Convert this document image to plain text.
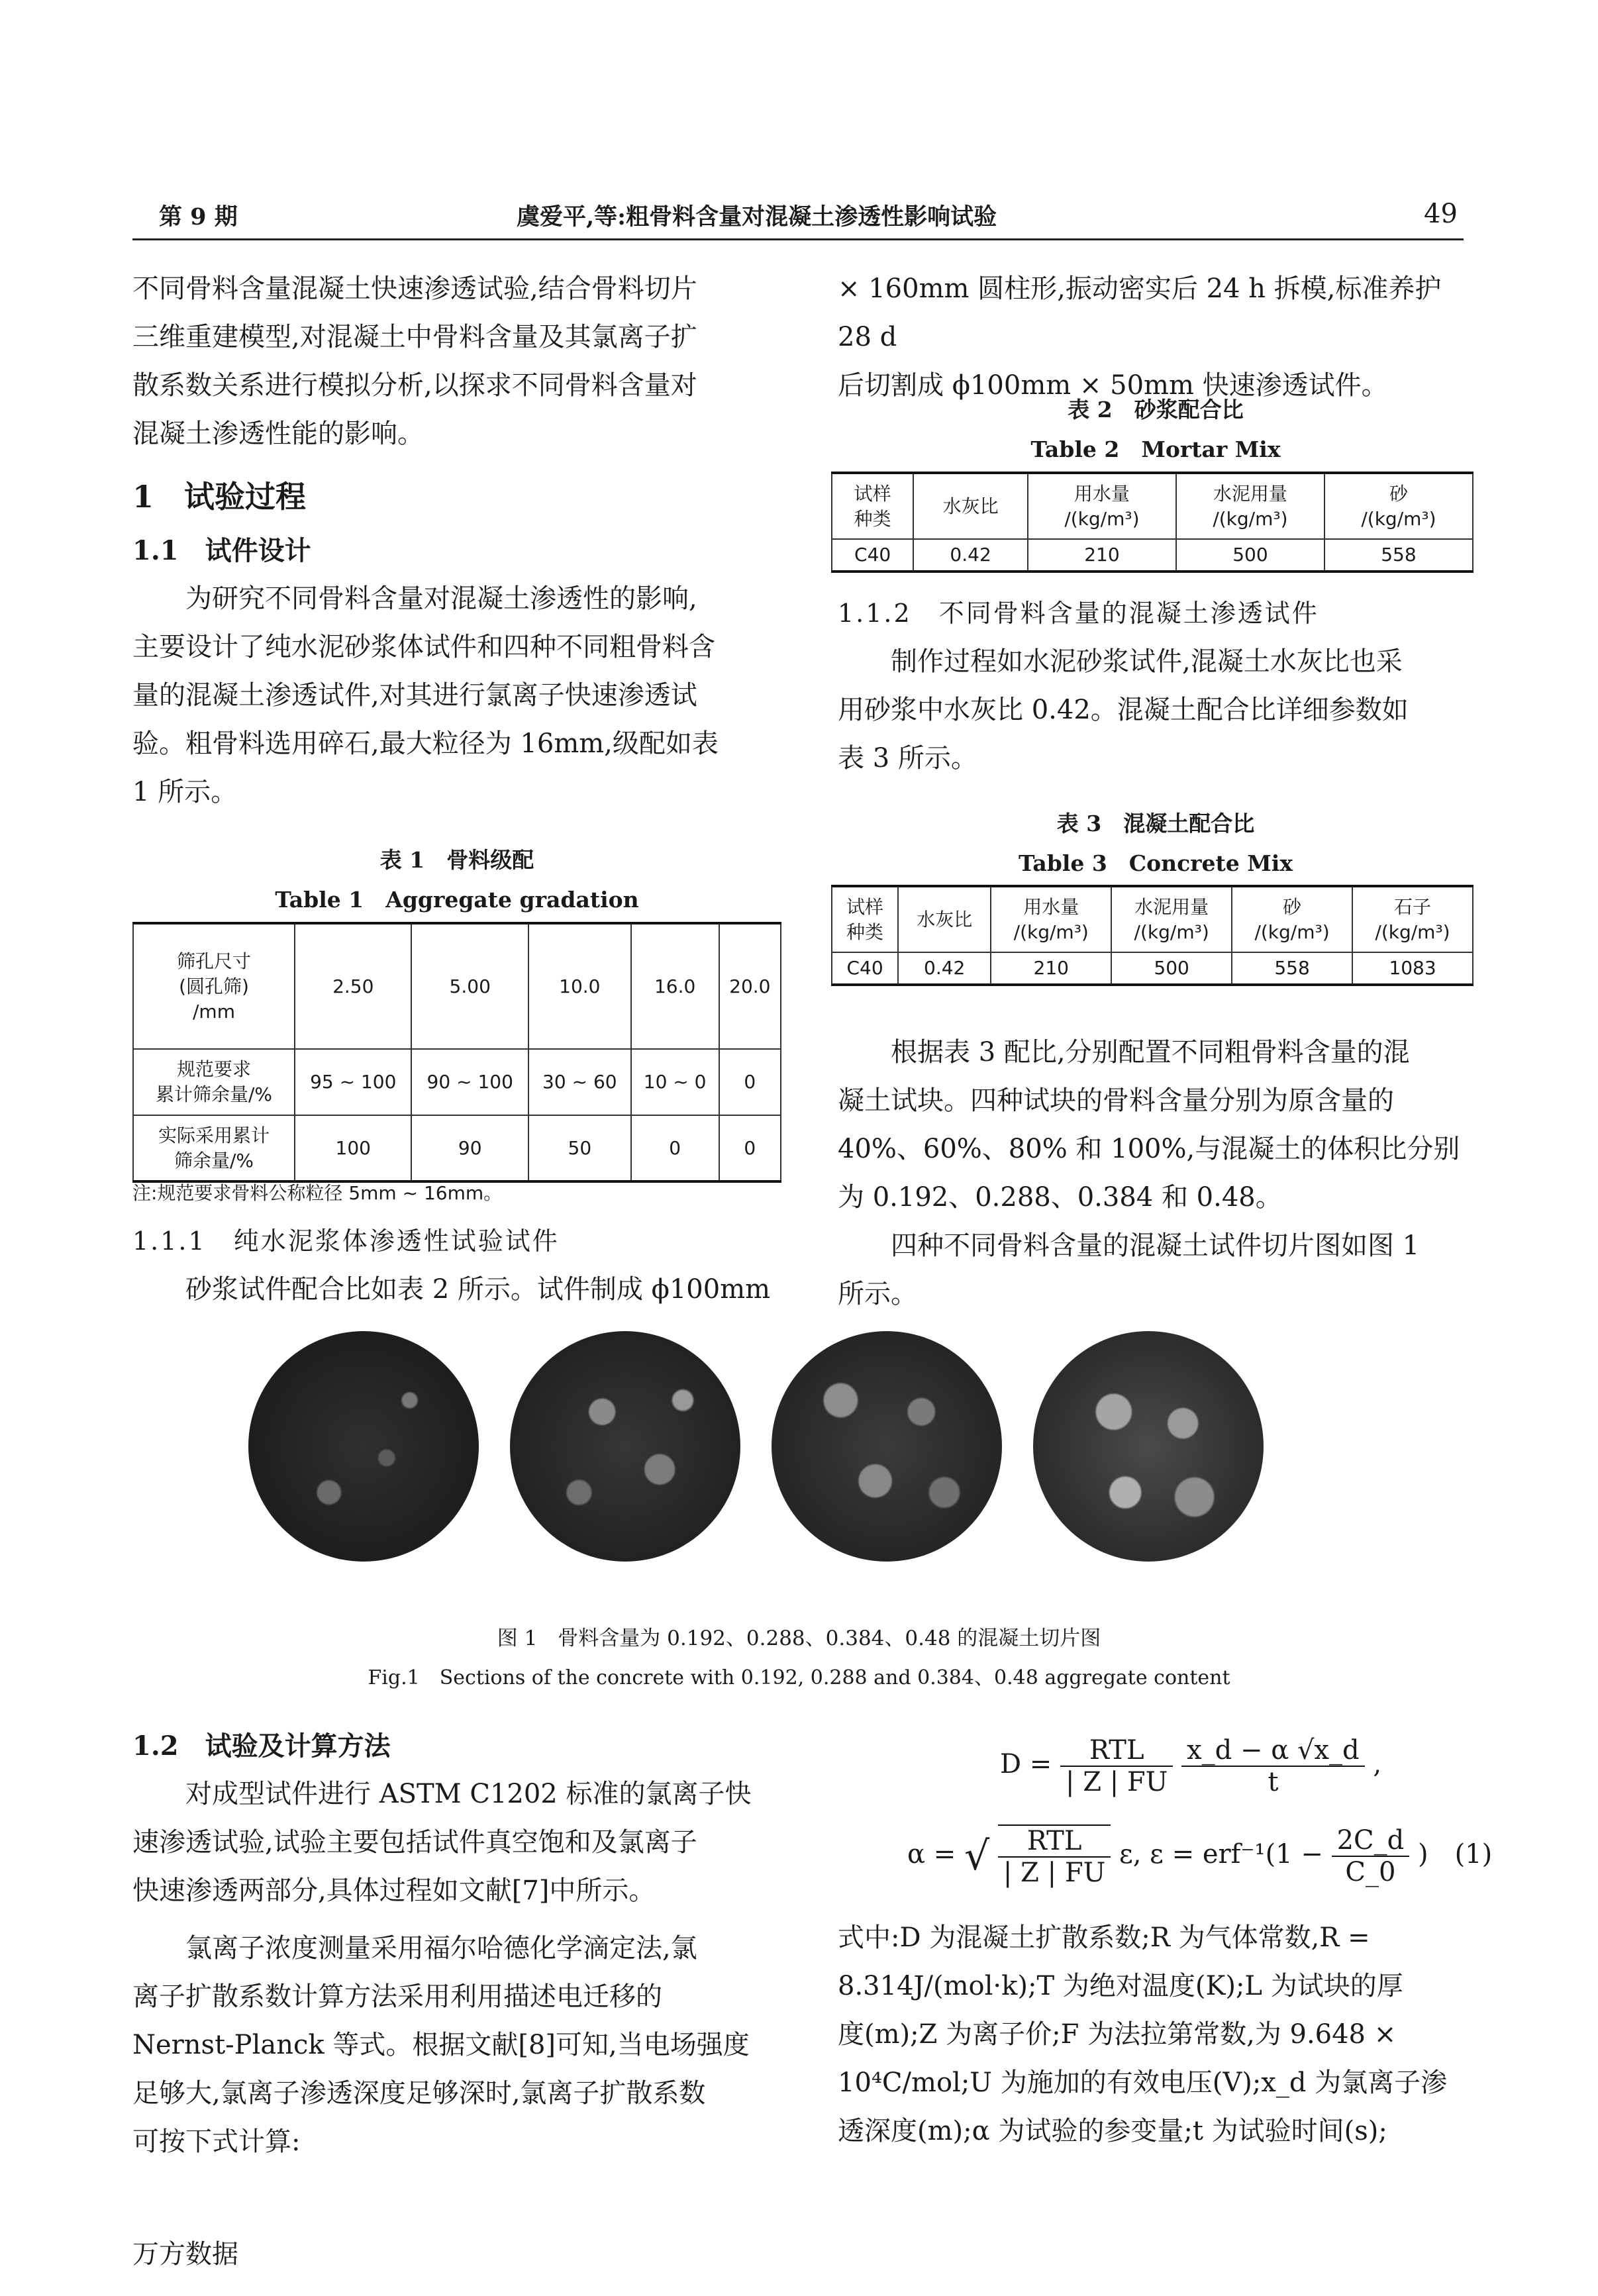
第 9 期	虞爱平,等:粗骨料含量对混凝土渗透性影响试验	49

不同骨料含量混凝土快速渗透试验,结合骨料切片

三维重建模型,对混凝土中骨料含量及其氯离子扩

散系数关系进行模拟分析,以探求不同骨料含量对

混凝土渗透性能的影响。

1　试验过程

1.1　试件设计

为研究不同骨料含量对混凝土渗透性的影响,

主要设计了纯水泥砂浆体试件和四种不同粗骨料含

量的混凝土渗透试件,对其进行氯离子快速渗透试

验。粗骨料选用碎石,最大粒径为 16mm,级配如表

1 所示。

表 1　骨料级配
Table 1　Aggregate gradation
筛孔尺寸
(圆孔筛)
/mm	2.50	5.00	10.0	16.0	20.0
规范要求
累计筛余量/%	95 ~ 100	90 ~ 100	30 ~ 60	10 ~ 0	0
实际采用累计
筛余量/%	100	90	50	0	0
注:规范要求骨料公称粒径 5mm ~ 16mm。

1.1.1　纯水泥浆体渗透性试验试件

砂浆试件配合比如表 2 所示。试件制成 ϕ100mm

× 160mm 圆柱形,振动密实后 24 h 拆模,标准养护 28 d

后切割成 ϕ100mm × 50mm 快速渗透试件。

表 2　砂浆配合比
Table 2　Mortar Mix
试样
种类	水灰比	用水量
/(kg/m³)	水泥用量
/(kg/m³)	砂
/(kg/m³)
C40	0.42	210	500	558

1.1.2　不同骨料含量的混凝土渗透试件

制作过程如水泥砂浆试件,混凝土水灰比也采

用砂浆中水灰比 0.42。混凝土配合比详细参数如

表 3 所示。

表 3　混凝土配合比
Table 3　Concrete Mix
试样
种类	水灰比	用水量
/(kg/m³)	水泥用量
/(kg/m³)	砂
/(kg/m³)	石子
/(kg/m³)
C40	0.42	210	500	558	1083

根据表 3 配比,分别配置不同粗骨料含量的混

凝土试块。四种试块的骨料含量分别为原含量的

40%、60%、80% 和 100%,与混凝土的体积比分别

为 0.192、0.288、0.384 和 0.48。

四种不同骨料含量的混凝土试件切片图如图 1

所示。

图 1　骨料含量为 0.192、0.288、0.384、0.48 的混凝土切片图
Fig.1　Sections of the concrete with 0.192, 0.288 and 0.384、0.48 aggregate content

1.2　试验及计算方法

对成型试件进行 ASTM C1202 标准的氯离子快

速渗透试验,试验主要包括试件真空饱和及氯离子

快速渗透两部分,具体过程如文献[7]中所示。

氯离子浓度测量采用福尔哈德化学滴定法,氯

离子扩散系数计算方法采用利用描述电迁移的

Nernst-Planck 等式。根据文献[8]可知,当电场强度

足够大,氯离子渗透深度足够深时,氯离子扩散系数

可按下式计算:

$D = \frac{\text{RTL}}{| Z | FU}$
$\frac{x\_d - \alpha √x\_d}{t}$ ,
α = √ $\frac{\text{RTL}}{| Z | FU} \varepsilon$, $\varepsilon = erf^{-1}(1 - \frac{2C\_d}{C\_0}$ )　(1)

式中:D 为混凝土扩散系数;R 为气体常数,R =

8.314J/(mol·k);T 为绝对温度(K);L 为试块的厚

度(m);Z 为离子价;F 为法拉第常数,为 9.648 ×

10⁴C/mol;U 为施加的有效电压(V);x_d 为氯离子渗

透深度(m);α 为试验的参变量;t 为试验时间(s);

万方数据
